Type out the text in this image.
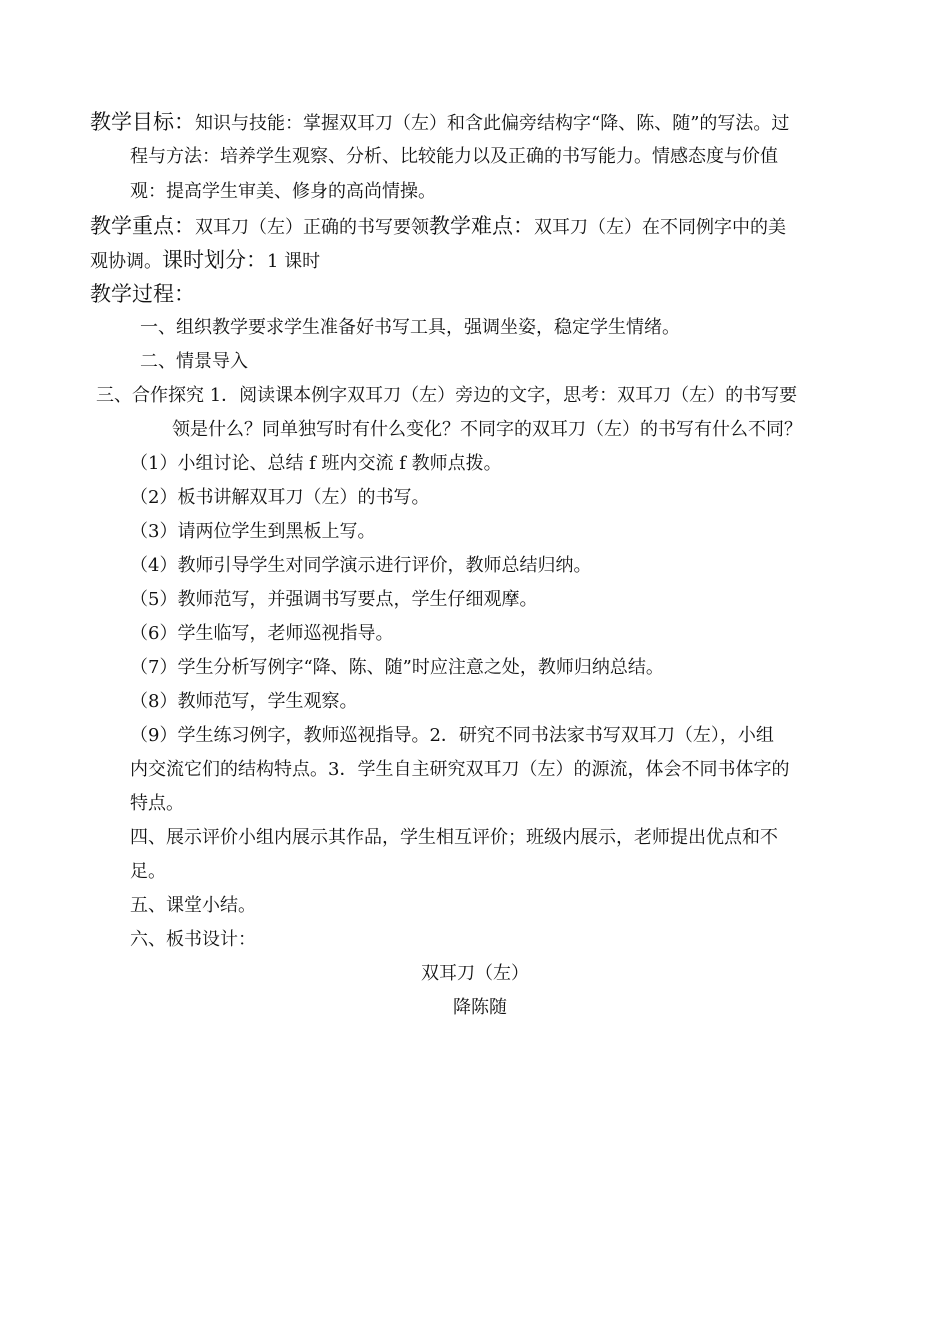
教学目标：知识与技能：掌握双耳刀（左）和含此偏旁结构字“降、陈、随”的写法。过
程与方法：培养学生观察、分析、比较能力以及正确的书写能力。情感态度与价值
观：提高学生审美、修身的高尚情操。
教学重点：双耳刀（左）正确的书写要领教学难点：双耳刀（左）在不同例字中的美
观协调。课时划分：1 课时
教学过程：
一、组织教学要求学生准备好书写工具，强调坐姿，稳定学生情绪。
二、情景导入
三、合作探究 1．阅读课本例字双耳刀（左）旁边的文字，思考：双耳刀（左）的书写要
领是什么？同单独写时有什么变化？不同字的双耳刀（左）的书写有什么不同？
（1）小组讨论、总结 f 班内交流 f 教师点拨。
（2）板书讲解双耳刀（左）的书写。
（3）请两位学生到黑板上写。
（4）教师引导学生对同学演示进行评价，教师总结归纳。
（5）教师范写，并强调书写要点，学生仔细观摩。
（6）学生临写，老师巡视指导。
（7）学生分析写例字“降、陈、随”时应注意之处，教师归纳总结。
（8）教师范写，学生观察。
（9）学生练习例字，教师巡视指导。2．研究不同书法家书写双耳刀（左），小组
内交流它们的结构特点。3．学生自主研究双耳刀（左）的源流，体会不同书体字的
特点。
四、展示评价小组内展示其作品，学生相互评价；班级内展示，老师提出优点和不
足。
五、课堂小结。
六、板书设计：
双耳刀（左）
降陈随
